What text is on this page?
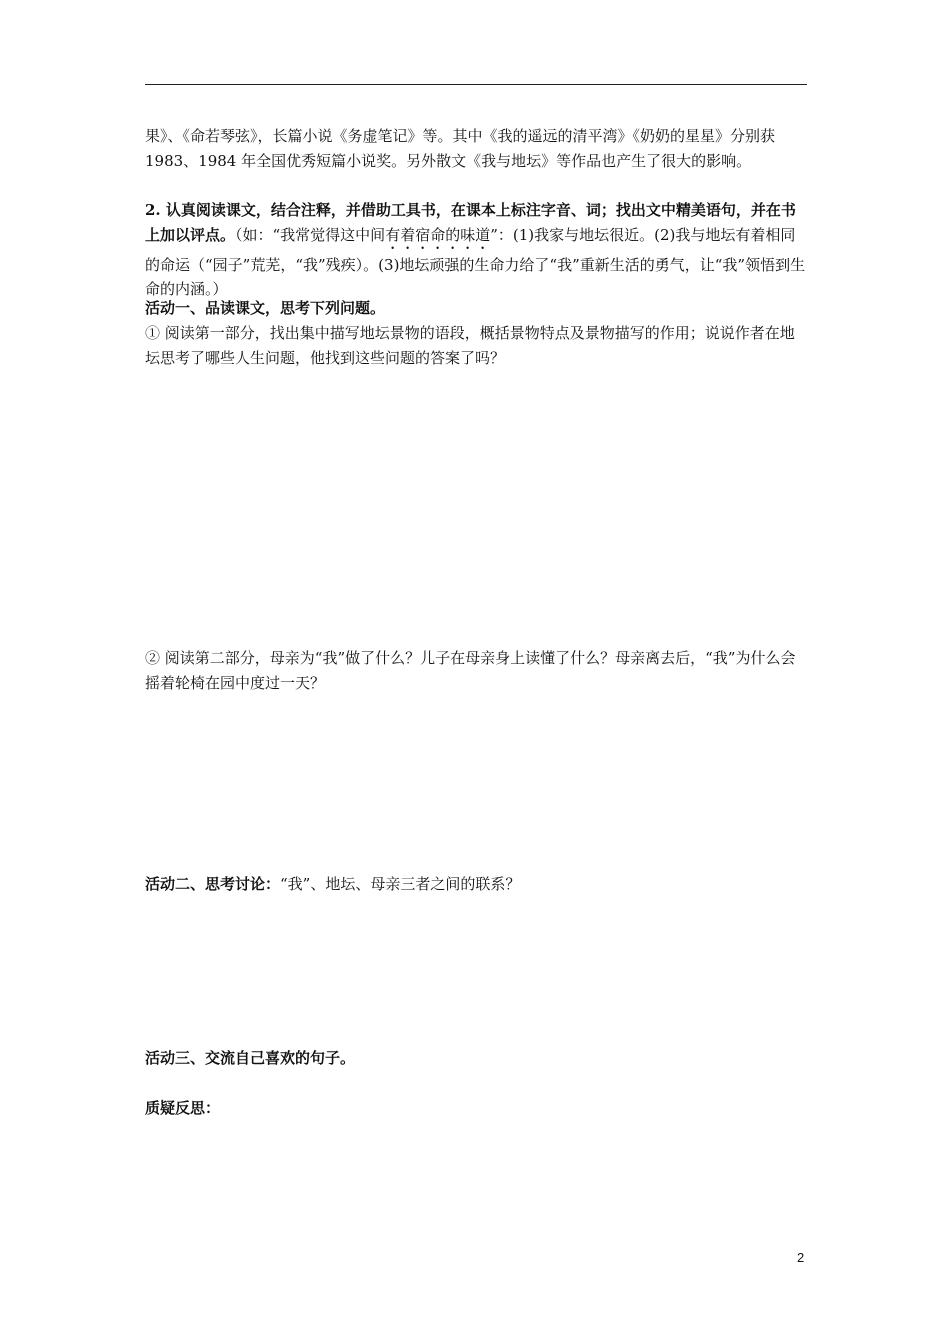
果》、《命若琴弦》，长篇小说《务虚笔记》等。其中《我的遥远的清平湾》《奶奶的星星》分别获 1983、1984 年全国优秀短篇小说奖。另外散文《我与地坛》等作品也产生了很大的影响。

2. 认真阅读课文，结合注释，并借助工具书，在课本上标注字音、词；找出文中精美语句，并在书上加以评点。（如：“我常觉得这中间有着宿命的味道”：(1)我家与地坛很近。(2)我与地坛有着相同的命运（“园子”荒芜，“我”残疾）。(3)地坛顽强的生命力给了“我”重新生活的勇气，让“我”领悟到生命的内涵。）

活动一、品读课文，思考下列问题。

① 阅读第一部分，找出集中描写地坛景物的语段，概括景物特点及景物描写的作用；说说作者在地坛思考了哪些人生问题，他找到这些问题的答案了吗？

② 阅读第二部分，母亲为“我”做了什么？儿子在母亲身上读懂了什么？母亲离去后，“我”为什么会摇着轮椅在园中度过一天？

活动二、思考讨论：“我”、地坛、母亲三者之间的联系？

活动三、交流自己喜欢的句子。

质疑反思：

2
